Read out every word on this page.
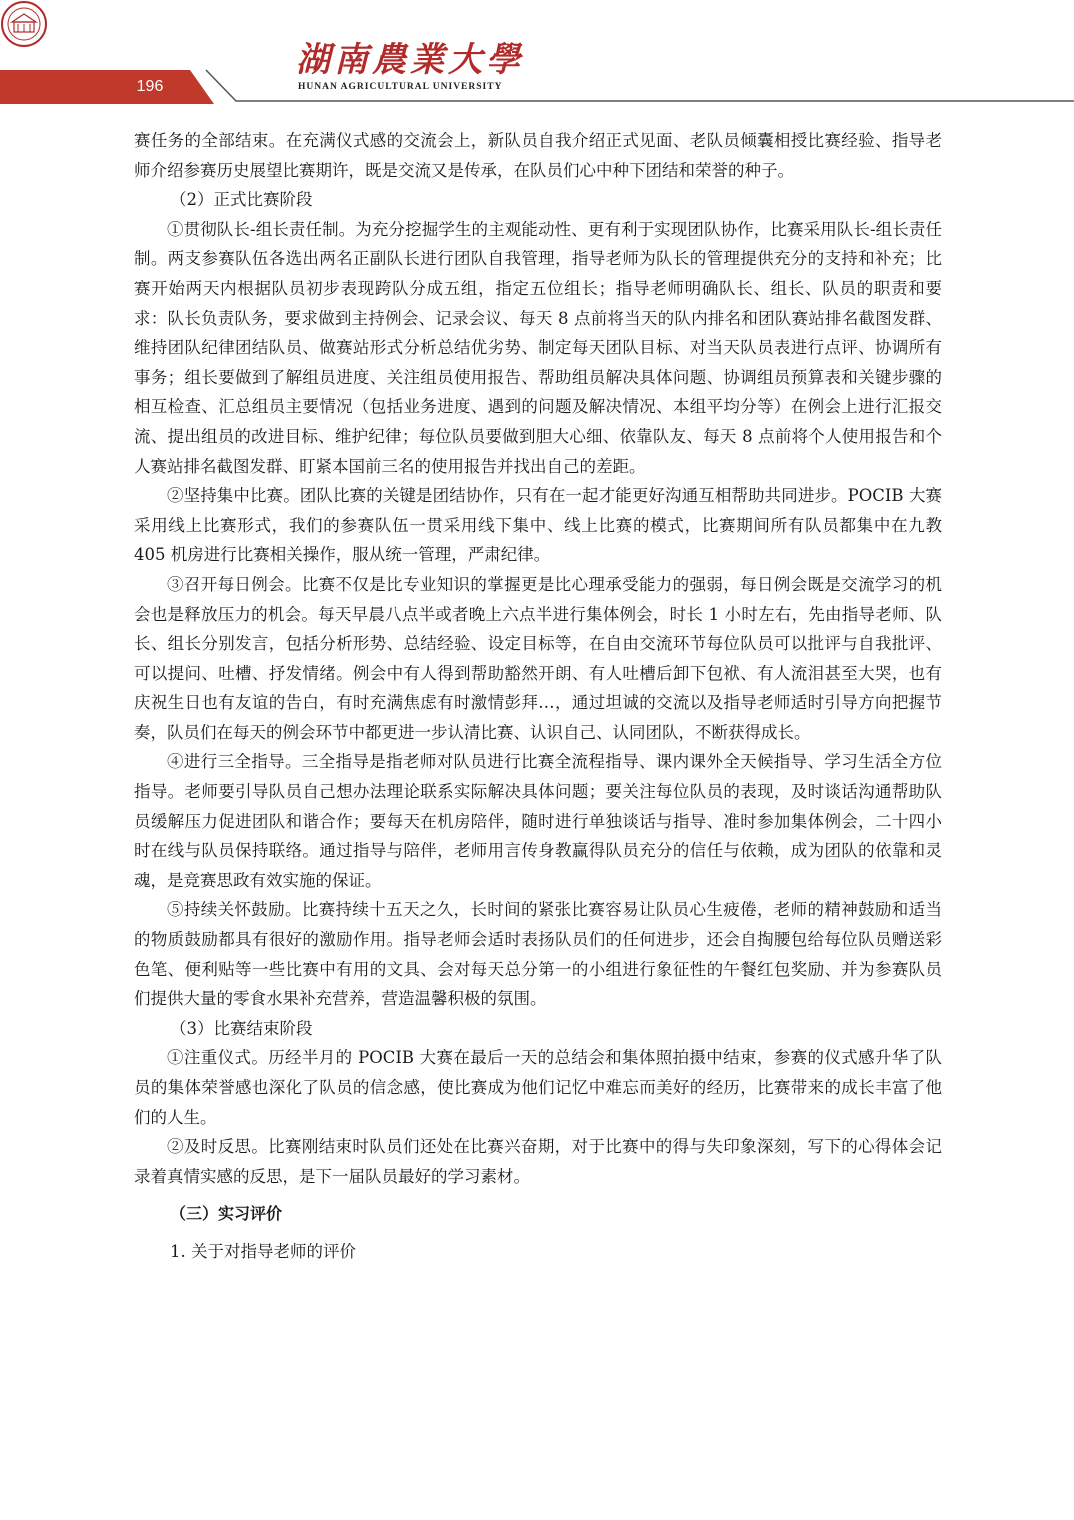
196
湖南農業大學
HUNAN AGRICULTURAL UNIVERSITY

赛任务的全部结束。在充满仪式感的交流会上，新队员自我介绍正式见面、老队员倾囊相授比赛经验、指导老师介绍参赛历史展望比赛期许，既是交流又是传承，在队员们心中种下团结和荣誉的种子。

（2）正式比赛阶段

①贯彻队长-组长责任制。为充分挖掘学生的主观能动性、更有利于实现团队协作，比赛采用队长-组长责任制。两支参赛队伍各选出两名正副队长进行团队自我管理，指导老师为队长的管理提供充分的支持和补充；比赛开始两天内根据队员初步表现跨队分成五组，指定五位组长；指导老师明确队长、组长、队员的职责和要求：队长负责队务，要求做到主持例会、记录会议、每天 8 点前将当天的队内排名和团队赛站排名截图发群、维持团队纪律团结队员、做赛站形式分析总结优劣势、制定每天团队目标、对当天队员表进行点评、协调所有事务；组长要做到了解组员进度、关注组员使用报告、帮助组员解决具体问题、协调组员预算表和关键步骤的相互检查、汇总组员主要情况（包括业务进度、遇到的问题及解决情况、本组平均分等）在例会上进行汇报交流、提出组员的改进目标、维护纪律；每位队员要做到胆大心细、依靠队友、每天 8 点前将个人使用报告和个人赛站排名截图发群、盯紧本国前三名的使用报告并找出自己的差距。

②坚持集中比赛。团队比赛的关键是团结协作，只有在一起才能更好沟通互相帮助共同进步。POCIB 大赛采用线上比赛形式，我们的参赛队伍一贯采用线下集中、线上比赛的模式，比赛期间所有队员都集中在九教 405 机房进行比赛相关操作，服从统一管理，严肃纪律。

③召开每日例会。比赛不仅是比专业知识的掌握更是比心理承受能力的强弱，每日例会既是交流学习的机会也是释放压力的机会。每天早晨八点半或者晚上六点半进行集体例会，时长 1 小时左右，先由指导老师、队长、组长分别发言，包括分析形势、总结经验、设定目标等，在自由交流环节每位队员可以批评与自我批评、可以提问、吐槽、抒发情绪。例会中有人得到帮助豁然开朗、有人吐槽后卸下包袱、有人流泪甚至大哭，也有庆祝生日也有友谊的告白，有时充满焦虑有时激情彭拜…，通过坦诚的交流以及指导老师适时引导方向把握节奏，队员们在每天的例会环节中都更进一步认清比赛、认识自己、认同团队，不断获得成长。

④进行三全指导。三全指导是指老师对队员进行比赛全流程指导、课内课外全天候指导、学习生活全方位指导。老师要引导队员自己想办法理论联系实际解决具体问题；要关注每位队员的表现，及时谈话沟通帮助队员缓解压力促进团队和谐合作；要每天在机房陪伴，随时进行单独谈话与指导、准时参加集体例会，二十四小时在线与队员保持联络。通过指导与陪伴，老师用言传身教赢得队员充分的信任与依赖，成为团队的依靠和灵魂，是竞赛思政有效实施的保证。

⑤持续关怀鼓励。比赛持续十五天之久，长时间的紧张比赛容易让队员心生疲倦，老师的精神鼓励和适当的物质鼓励都具有很好的激励作用。指导老师会适时表扬队员们的任何进步，还会自掏腰包给每位队员赠送彩色笔、便利贴等一些比赛中有用的文具、会对每天总分第一的小组进行象征性的午餐红包奖励、并为参赛队员们提供大量的零食水果补充营养，营造温馨积极的氛围。

（3）比赛结束阶段

①注重仪式。历经半月的 POCIB 大赛在最后一天的总结会和集体照拍摄中结束，参赛的仪式感升华了队员的集体荣誉感也深化了队员的信念感，使比赛成为他们记忆中难忘而美好的经历，比赛带来的成长丰富了他们的人生。

②及时反思。比赛刚结束时队员们还处在比赛兴奋期，对于比赛中的得与失印象深刻，写下的心得体会记录着真情实感的反思，是下一届队员最好的学习素材。

（三）实习评价

1. 关于对指导老师的评价
